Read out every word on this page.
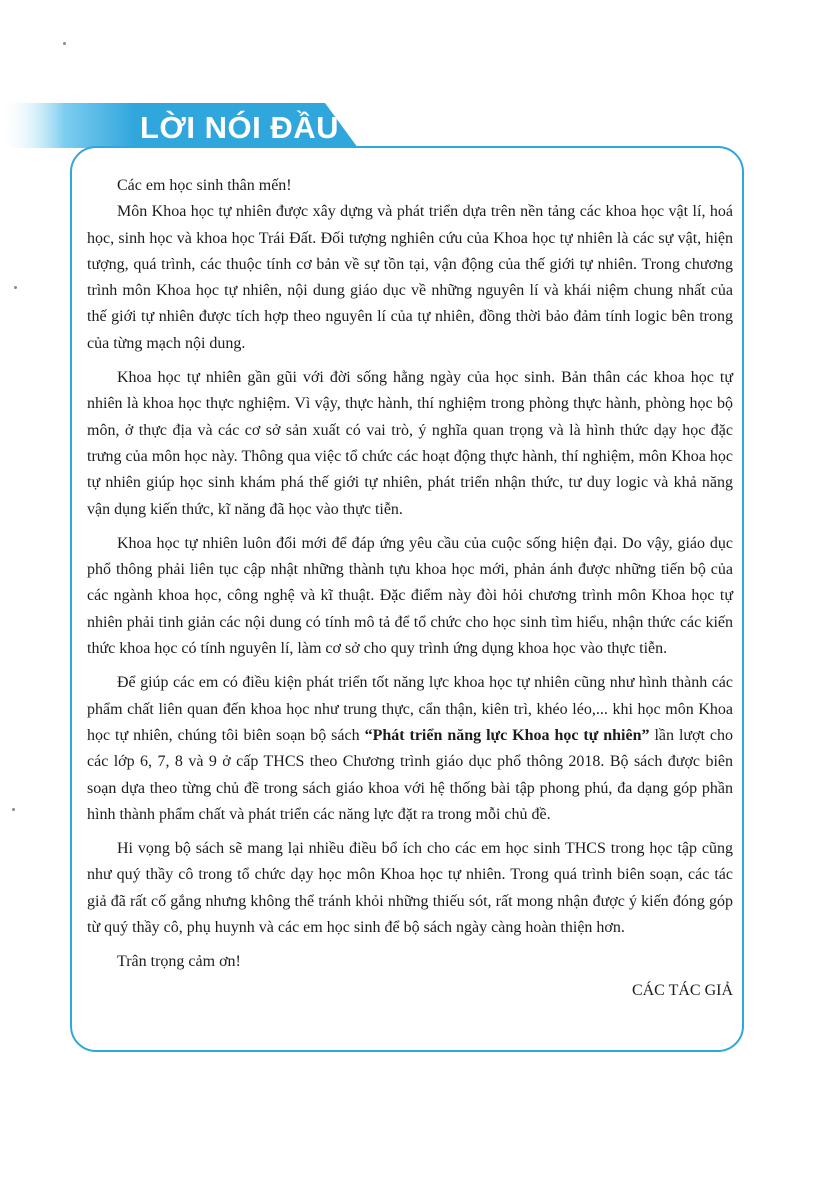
LỜI NÓI ĐẦU

Các em học sinh thân mến!

Môn Khoa học tự nhiên được xây dựng và phát triển dựa trên nền tảng các khoa học vật lí, hoá học, sinh học và khoa học Trái Đất. Đối tượng nghiên cứu của Khoa học tự nhiên là các sự vật, hiện tượng, quá trình, các thuộc tính cơ bản về sự tồn tại, vận động của thế giới tự nhiên. Trong chương trình môn Khoa học tự nhiên, nội dung giáo dục về những nguyên lí và khái niệm chung nhất của thế giới tự nhiên được tích hợp theo nguyên lí của tự nhiên, đồng thời bảo đảm tính logic bên trong của từng mạch nội dung.

Khoa học tự nhiên gần gũi với đời sống hằng ngày của học sinh. Bản thân các khoa học tự nhiên là khoa học thực nghiệm. Vì vậy, thực hành, thí nghiệm trong phòng thực hành, phòng học bộ môn, ở thực địa và các cơ sở sản xuất có vai trò, ý nghĩa quan trọng và là hình thức dạy học đặc trưng của môn học này. Thông qua việc tổ chức các hoạt động thực hành, thí nghiệm, môn Khoa học tự nhiên giúp học sinh khám phá thế giới tự nhiên, phát triển nhận thức, tư duy logic và khả năng vận dụng kiến thức, kĩ năng đã học vào thực tiễn.

Khoa học tự nhiên luôn đổi mới để đáp ứng yêu cầu của cuộc sống hiện đại. Do vậy, giáo dục phổ thông phải liên tục cập nhật những thành tựu khoa học mới, phản ánh được những tiến bộ của các ngành khoa học, công nghệ và kĩ thuật. Đặc điểm này đòi hỏi chương trình môn Khoa học tự nhiên phải tinh giản các nội dung có tính mô tả để tổ chức cho học sinh tìm hiểu, nhận thức các kiến thức khoa học có tính nguyên lí, làm cơ sở cho quy trình ứng dụng khoa học vào thực tiễn.

Để giúp các em có điều kiện phát triển tốt năng lực khoa học tự nhiên cũng như hình thành các phẩm chất liên quan đến khoa học như trung thực, cẩn thận, kiên trì, khéo léo,... khi học môn Khoa học tự nhiên, chúng tôi biên soạn bộ sách “Phát triển năng lực Khoa học tự nhiên” lần lượt cho các lớp 6, 7, 8 và 9 ở cấp THCS theo Chương trình giáo dục phổ thông 2018. Bộ sách được biên soạn dựa theo từng chủ đề trong sách giáo khoa với hệ thống bài tập phong phú, đa dạng góp phần hình thành phẩm chất và phát triển các năng lực đặt ra trong mỗi chủ đề.

Hi vọng bộ sách sẽ mang lại nhiều điều bổ ích cho các em học sinh THCS trong học tập cũng như quý thầy cô trong tổ chức dạy học môn Khoa học tự nhiên. Trong quá trình biên soạn, các tác giả đã rất cố gắng nhưng không thể tránh khỏi những thiếu sót, rất mong nhận được ý kiến đóng góp từ quý thầy cô, phụ huynh và các em học sinh để bộ sách ngày càng hoàn thiện hơn.

Trân trọng cảm ơn!

CÁC TÁC GIẢ
